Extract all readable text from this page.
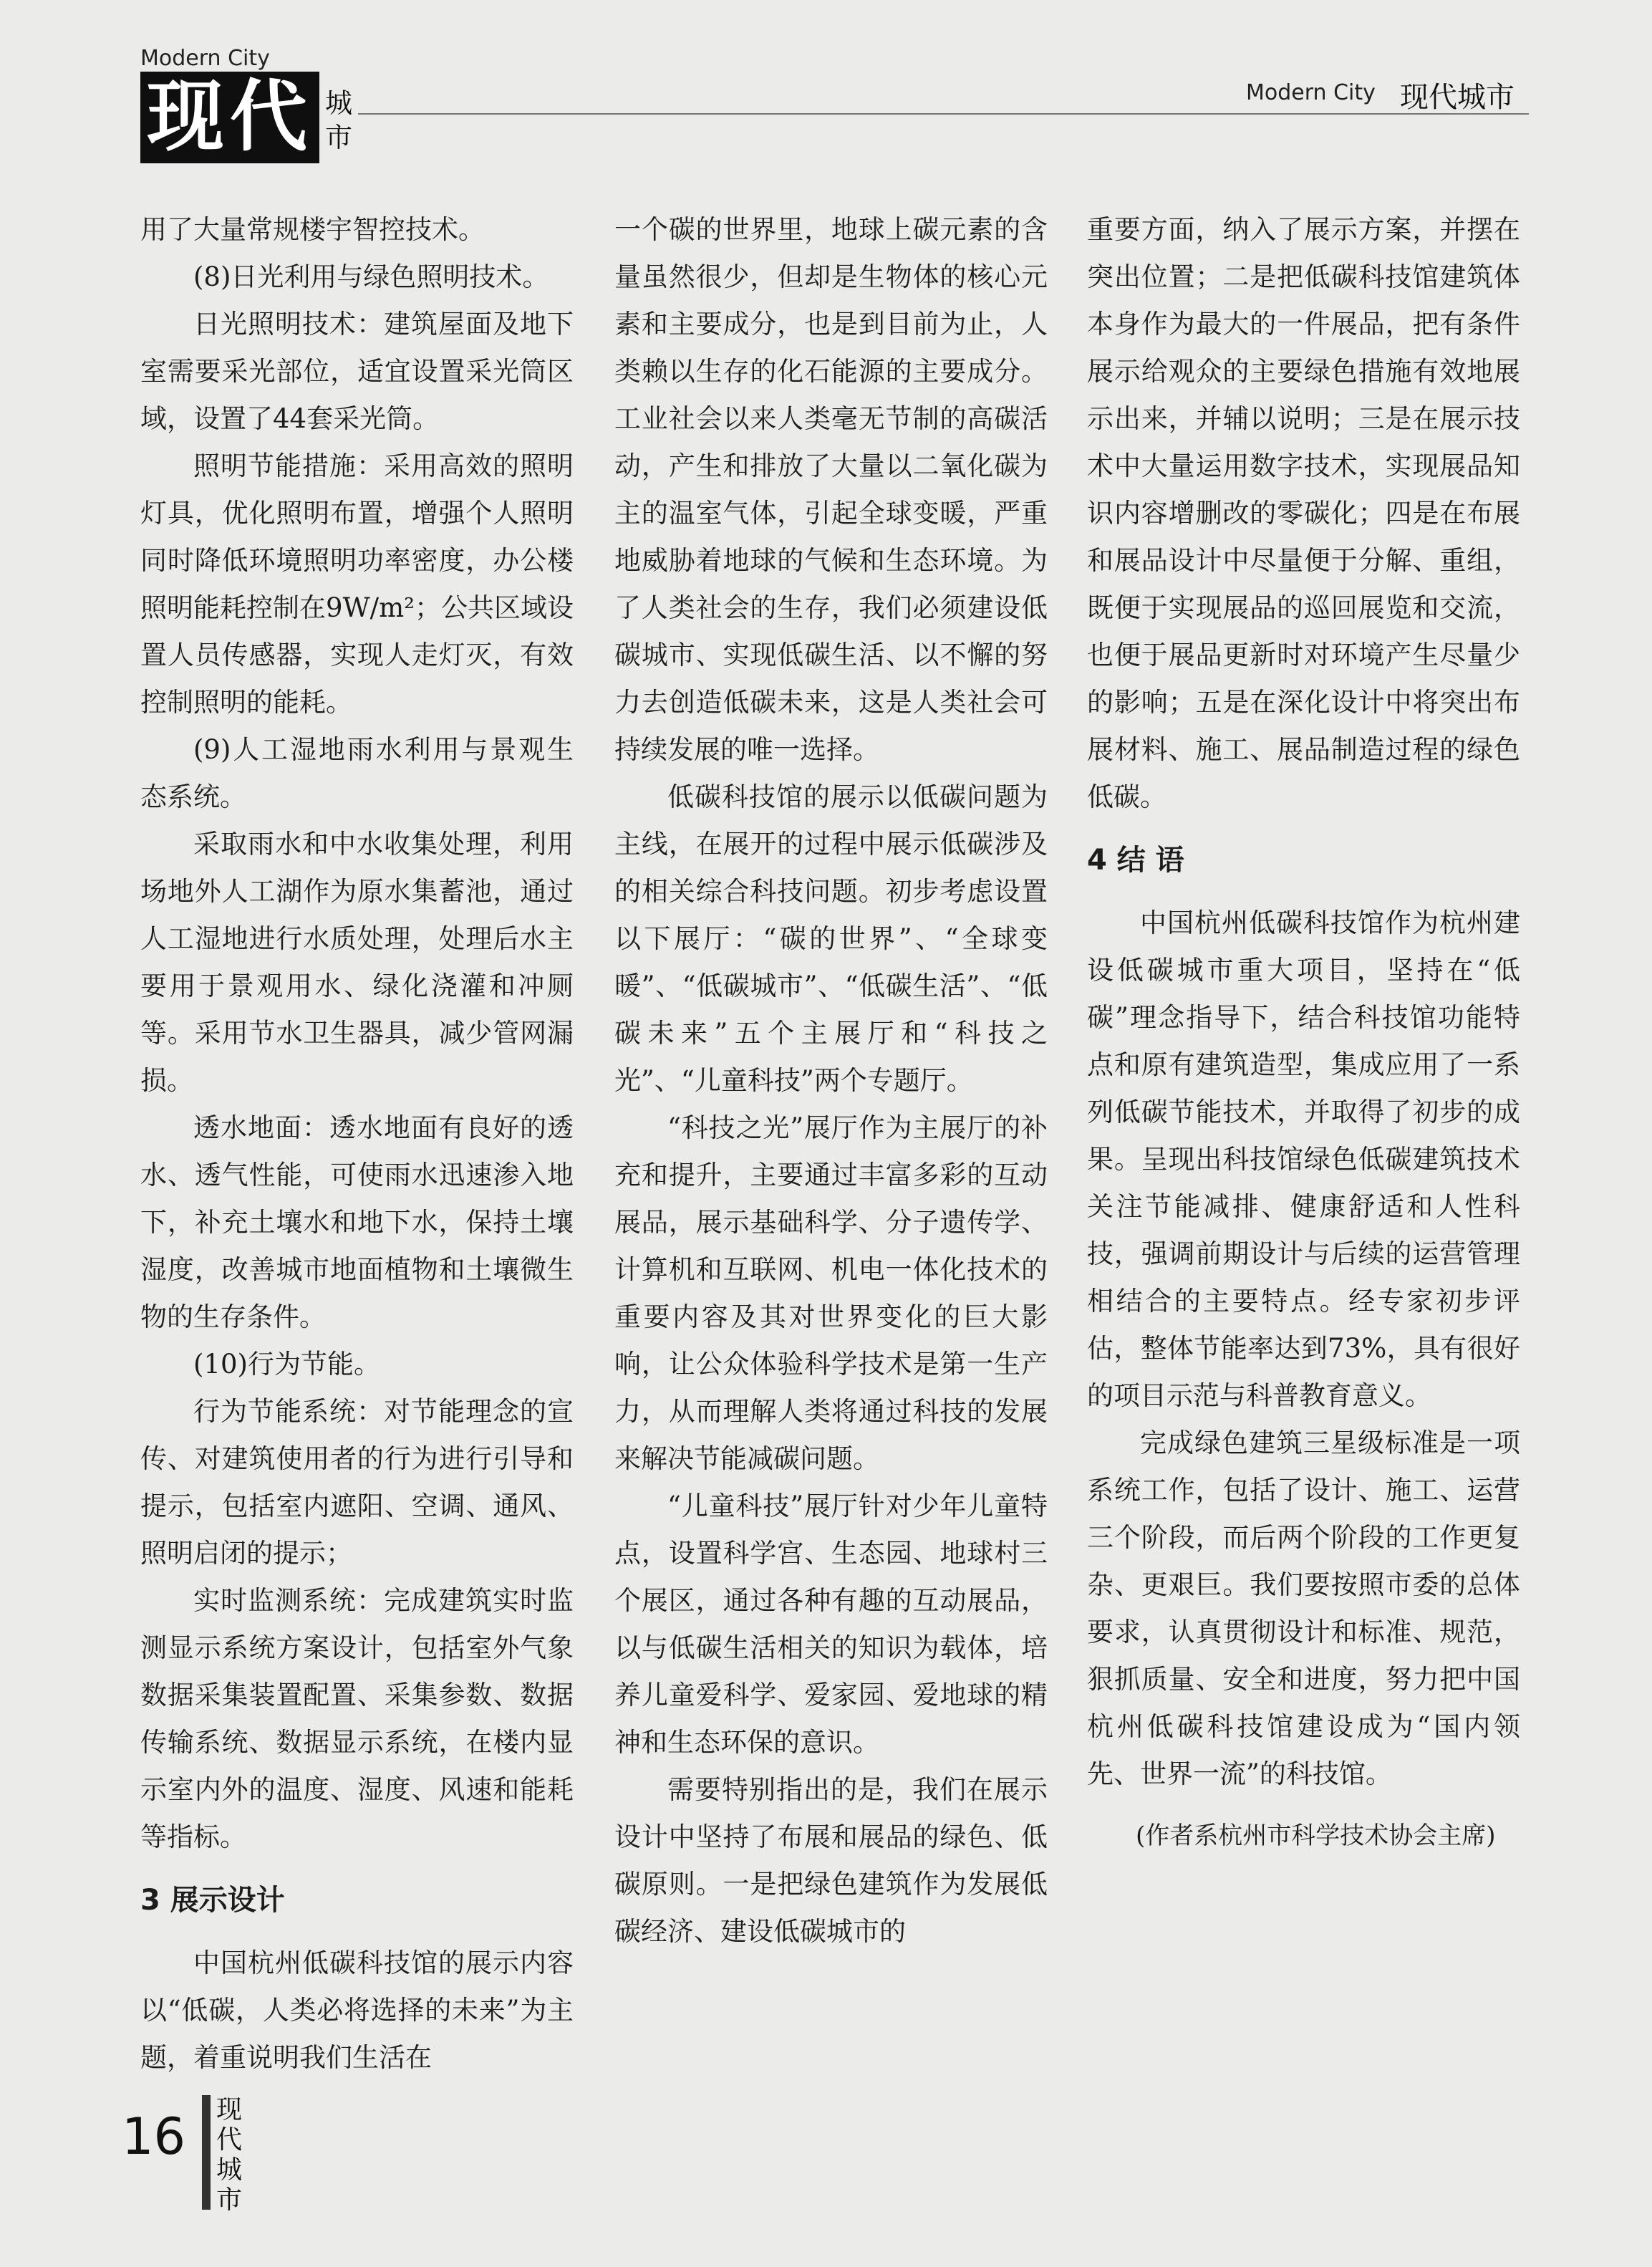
Modern City
现代 城市
Modern City 现代城市

用了大量常规楼宇智控技术。

(8)日光利用与绿色照明技术。

日光照明技术：建筑屋面及地下室需要采光部位，适宜设置采光筒区域，设置了44套采光筒。

照明节能措施：采用高效的照明灯具，优化照明布置，增强个人照明同时降低环境照明功率密度，办公楼照明能耗控制在9W/m²；公共区域设置人员传感器，实现人走灯灭，有效控制照明的能耗。

(9)人工湿地雨水利用与景观生态系统。

采取雨水和中水收集处理，利用场地外人工湖作为原水集蓄池，通过人工湿地进行水质处理，处理后水主要用于景观用水、绿化浇灌和冲厕等。采用节水卫生器具，减少管网漏损。

透水地面：透水地面有良好的透水、透气性能，可使雨水迅速渗入地下，补充土壤水和地下水，保持土壤湿度，改善城市地面植物和土壤微生物的生存条件。

(10)行为节能。

行为节能系统：对节能理念的宣传、对建筑使用者的行为进行引导和提示，包括室内遮阳、空调、通风、照明启闭的提示；

实时监测系统：完成建筑实时监测显示系统方案设计，包括室外气象数据采集装置配置、采集参数、数据传输系统、数据显示系统，在楼内显示室内外的温度、湿度、风速和能耗等指标。

3 展示设计

中国杭州低碳科技馆的展示内容以“低碳，人类必将选择的未来”为主题，着重说明我们生活在

一个碳的世界里，地球上碳元素的含量虽然很少，但却是生物体的核心元素和主要成分，也是到目前为止，人类赖以生存的化石能源的主要成分。工业社会以来人类毫无节制的高碳活动，产生和排放了大量以二氧化碳为主的温室气体，引起全球变暖，严重地威胁着地球的气候和生态环境。为了人类社会的生存，我们必须建设低碳城市、实现低碳生活、以不懈的努力去创造低碳未来，这是人类社会可持续发展的唯一选择。

低碳科技馆的展示以低碳问题为主线，在展开的过程中展示低碳涉及的相关综合科技问题。初步考虑设置以下展厅：“碳的世界”、“全球变暖”、“低碳城市”、“低碳生活”、“低碳未来”五个主展厅和“科技之光”、“儿童科技”两个专题厅。

“科技之光”展厅作为主展厅的补充和提升，主要通过丰富多彩的互动展品，展示基础科学、分子遗传学、计算机和互联网、机电一体化技术的重要内容及其对世界变化的巨大影响，让公众体验科学技术是第一生产力，从而理解人类将通过科技的发展来解决节能减碳问题。

“儿童科技”展厅针对少年儿童特点，设置科学宫、生态园、地球村三个展区，通过各种有趣的互动展品，以与低碳生活相关的知识为载体，培养儿童爱科学、爱家园、爱地球的精神和生态环保的意识。

需要特别指出的是，我们在展示设计中坚持了布展和展品的绿色、低碳原则。一是把绿色建筑作为发展低碳经济、建设低碳城市的

重要方面，纳入了展示方案，并摆在突出位置；二是把低碳科技馆建筑体本身作为最大的一件展品，把有条件展示给观众的主要绿色措施有效地展示出来，并辅以说明；三是在展示技术中大量运用数字技术，实现展品知识内容增删改的零碳化；四是在布展和展品设计中尽量便于分解、重组，既便于实现展品的巡回展览和交流，也便于展品更新时对环境产生尽量少的影响；五是在深化设计中将突出布展材料、施工、展品制造过程的绿色低碳。

4 结 语

中国杭州低碳科技馆作为杭州建设低碳城市重大项目，坚持在“低碳”理念指导下，结合科技馆功能特点和原有建筑造型，集成应用了一系列低碳节能技术，并取得了初步的成果。呈现出科技馆绿色低碳建筑技术关注节能减排、健康舒适和人性科技，强调前期设计与后续的运营管理相结合的主要特点。经专家初步评估，整体节能率达到73%，具有很好的项目示范与科普教育意义。

完成绿色建筑三星级标准是一项系统工作，包括了设计、施工、运营三个阶段，而后两个阶段的工作更复杂、更艰巨。我们要按照市委的总体要求，认真贯彻设计和标准、规范，狠抓质量、安全和进度，努力把中国杭州低碳科技馆建设成为“国内领先、世界一流”的科技馆。

(作者系杭州市科学技术协会主席)

16 现代城市
